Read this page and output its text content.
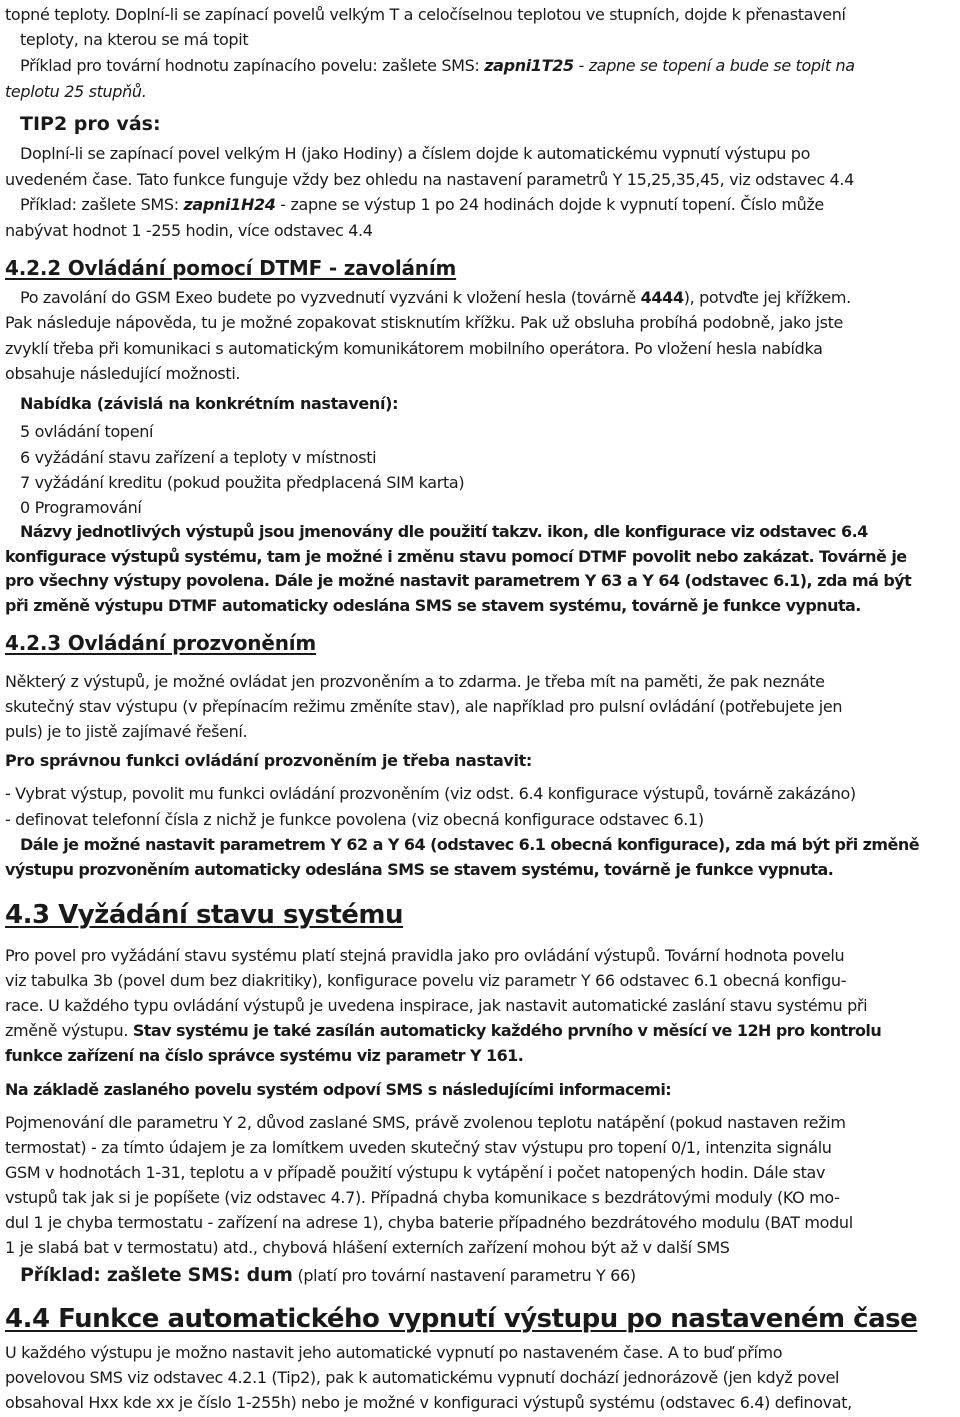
topné teploty. Doplní-li se zapínací povelů velkým T a celočíselnou teplotou ve stupních, dojde k přenastavení
teploty, na kterou se má topit
Příklad pro tovární hodnotu zapínacího povelu: zašlete SMS: zapni1T25 - zapne se topení a bude se topit na
teplotu 25 stupňů.
TIP2 pro vás:
Doplní-li se zapínací povel velkým H (jako Hodiny) a číslem dojde k automatickému vypnutí výstupu po
uvedeném čase. Tato funkce funguje vždy bez ohledu na nastavení parametrů Y 15,25,35,45, viz odstavec 4.4
Příklad: zašlete SMS: zapni1H24 - zapne se výstup 1 po 24 hodinách dojde k vypnutí topení. Číslo může
nabývat hodnot 1 -255 hodin, více odstavec 4.4
4.2.2 Ovládání pomocí DTMF - zavoláním
Po zavolání do GSM Exeo budete po vyzvednutí vyzváni k vložení hesla (továrně 4444), potvďte jej křížkem.
Pak následuje nápověda, tu je možné zopakovat stisknutím křížku. Pak už obsluha probíhá podobně, jako jste
zvyklí třeba při komunikaci s automatickým komunikátorem mobilního operátora. Po vložení hesla nabídka
obsahuje následující možnosti.
Nabídka (závislá na konkrétním nastavení):
5 ovládání topení
6 vyžádání stavu zařízení a teploty v místnosti
7 vyžádání kreditu (pokud použita předplacená SIM karta)
0 Programování
Názvy jednotlivých výstupů jsou jmenovány dle použití takzv. ikon, dle konfigurace viz odstavec 6.4
konfigurace výstupů systému, tam je možné i změnu stavu pomocí DTMF povolit nebo zakázat. Továrně je
pro všechny výstupy povolena. Dále je možné nastavit parametrem Y 63 a Y 64 (odstavec 6.1), zda má být
při změně výstupu DTMF automaticky odeslána SMS se stavem systému, továrně je funkce vypnuta.
4.2.3 Ovládání prozvoněním
Některý z výstupů, je možné ovládat jen prozvoněním a to zdarma. Je třeba mít na paměti, že pak neznáte
skutečný stav výstupu (v přepínacím režimu změníte stav), ale například pro pulsní ovládání (potřebujete jen
puls) je to jistě zajímavé řešení.
Pro správnou funkci ovládání prozvoněním je třeba nastavit:
- Vybrat výstup, povolit mu funkci ovládání prozvoněním (viz odst. 6.4 konfigurace výstupů, továrně zakázáno)
- definovat telefonní čísla z nichž je funkce povolena (viz obecná konfigurace odstavec 6.1)
Dále je možné nastavit parametrem Y 62 a Y 64 (odstavec 6.1 obecná konfigurace), zda má být při změně
výstupu prozvoněním automaticky odeslána SMS se stavem systému, továrně je funkce vypnuta.
4.3 Vyžádání stavu systému
Pro povel pro vyžádání stavu systému platí stejná pravidla jako pro ovládání výstupů. Tovární hodnota povelu
viz tabulka 3b (povel dum bez diakritiky), konfigurace povelu viz parametr Y 66 odstavec 6.1 obecná konfigu-
race. U každého typu ovládání výstupů je uvedena inspirace, jak nastavit automatické zaslání stavu systému při
změně výstupu. Stav systému je také zasílán automaticky každého prvního v měsící ve 12H pro kontrolu
funkce zařízení na číslo správce systému viz parametr Y 161.
Na základě zaslaného povelu systém odpoví SMS s následujícími informacemi:
Pojmenování dle parametru Y 2, důvod zaslané SMS, právě zvolenou teplotu natápění (pokud nastaven režim
termostat) - za tímto údajem je za lomítkem uveden skutečný stav výstupu pro topení 0/1, intenzita signálu
GSM v hodnotách 1-31, teplotu a v případě použití výstupu k vytápění i počet natopených hodin. Dále stav
vstupů tak jak si je popíšete (viz odstavec 4.7). Případná chyba komunikace s bezdrátovými moduly (KO mo-
dul 1 je chyba termostatu - zařízení na adrese 1), chyba baterie případného bezdrátového modulu (BAT modul
1 je slabá bat v termostatu) atd., chybová hlášení externích zařízení mohou být až v další SMS
Příklad: zašlete SMS: dum (platí pro tovární nastavení parametru Y 66)
4.4 Funkce automatického vypnutí výstupu po nastaveném čase
U každého výstupu je možno nastavit jeho automatické vypnutí po nastaveném čase. A to buď přímo
povelovou SMS viz odstavec 4.2.1 (Tip2), pak k automatickému vypnutí dochází jednorázově (jen když povel
obsahoval Hxx kde xx je číslo 1-255h) nebo je možné v konfiguraci výstupů systému (odstavec 6.4) definovat,
